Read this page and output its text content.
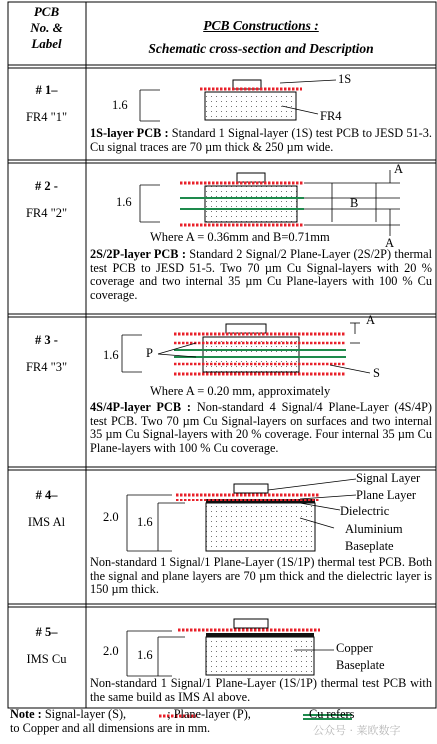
PCB
No. &
Label
PCB Constructions :
Schematic cross-section and Description
# 1–
FR4 "1"
1.6
1S
FR4
1S-layer PCB : Standard 1 Signal-layer (1S) test PCB to JESD 51-3. Cu signal traces are 70 µm thick & 250 µm wide.
# 2 -
FR4 "2"
1.6
A
B
A
Where A = 0.36mm and B=0.71mm
2S/2P-layer PCB : Standard 2 Signal/2 Plane-Layer (2S/2P) thermal test PCB to JESD 51-5. Two 70 µm Cu Signal-layers with 20 % coverage and two internal 35 µm Cu Plane-layers with 100 % Cu coverage.
# 3 -
FR4 "3"
1.6 P
A
S
Where A = 0.20 mm, approximately
4S/4P-layer PCB : Non-standard 4 Signal/4 Plane-Layer (4S/4P) test PCB. Two 70 µm Cu Signal-layers on surfaces and two internal 35 µm Cu Signal-layers with 20 % coverage. Four internal 35 µm Cu Plane-layers with 100 % Cu coverage.
# 4–
IMS Al	2.0 1.6
Signal Layer
Plane Layer
Dielectric
Aluminium
Baseplate
Non-standard 1 Signal/1 Plane-Layer (1S/1P) thermal test PCB. Both the signal and plane layers are 70 µm thick and the dielectric layer is 150 µm thick.
# 5–
IMS Cu
2.0 1.6	Copper
Baseplate
Non-standard 1 Signal/1 Plane-Layer (1S/1P) thermal test PCB with the same build as IMS Al above.
Note : Signal-layer (S),	; Plane-layer (P),	Cu refers
to Copper and all dimensions are in mm.	公众号 · 莱欧数字
